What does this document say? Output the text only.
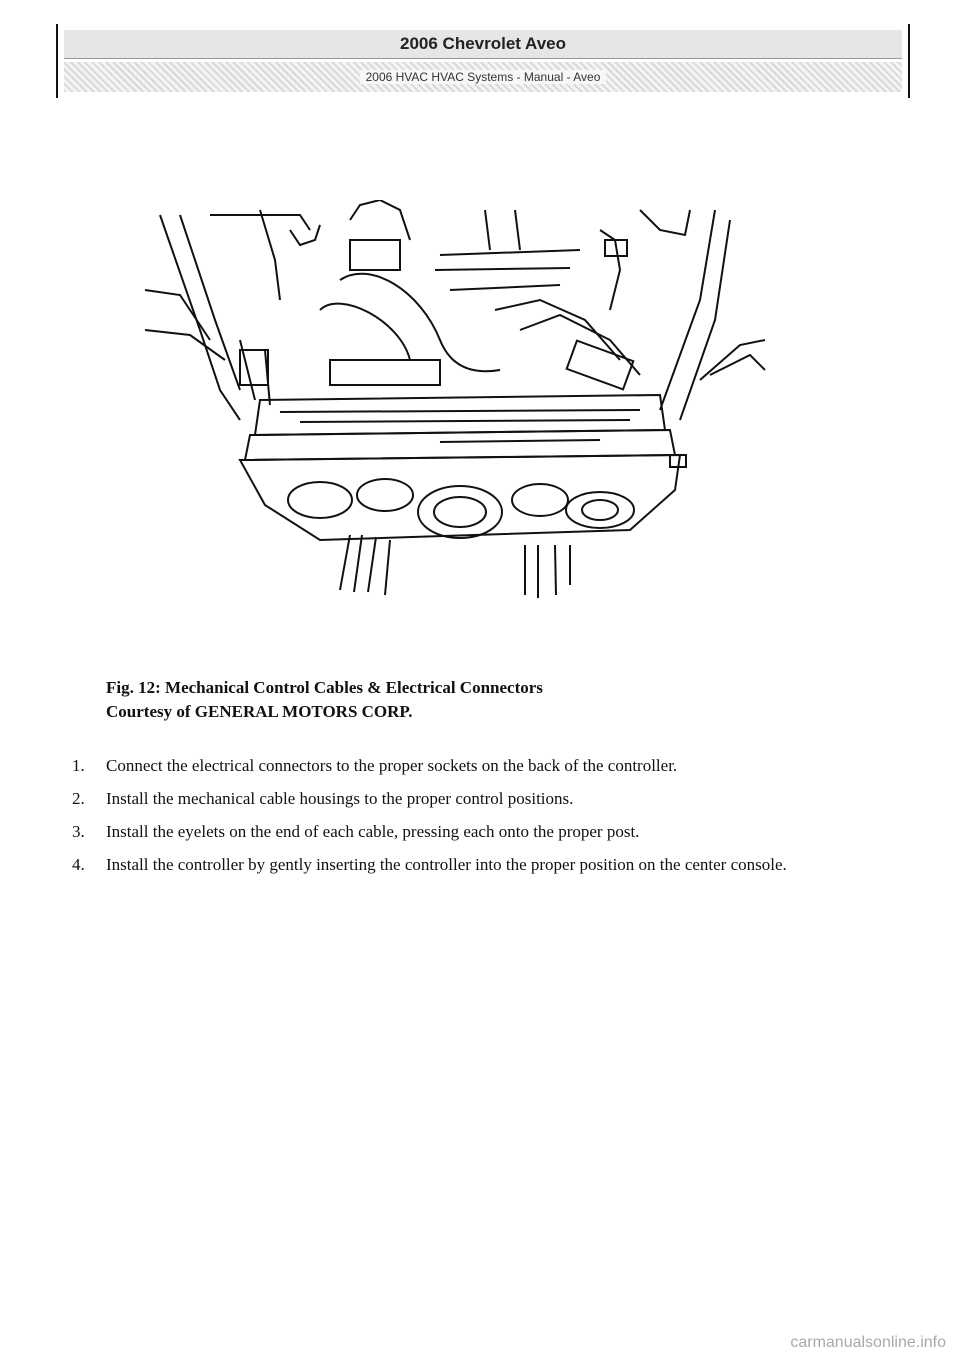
2006 Chevrolet Aveo
2006 HVAC HVAC Systems - Manual - Aveo
Fig. 12: Mechanical Control Cables & Electrical Connectors
Courtesy of GENERAL MOTORS CORP.
1. Connect the electrical connectors to the proper sockets on the back of the controller.
2. Install the mechanical cable housings to the proper control positions.
3. Install the eyelets on the end of each cable, pressing each onto the proper post.
4. Install the controller by gently inserting the controller into the proper position on the center console.
carmanualsonline.info
